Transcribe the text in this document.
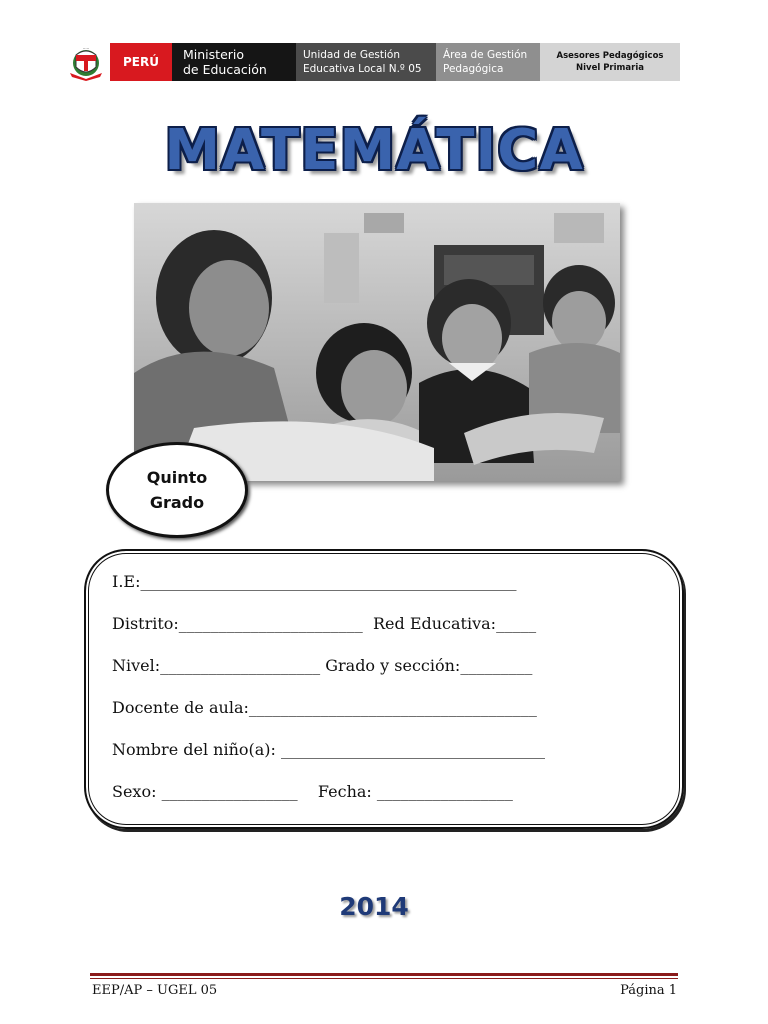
·····
PERÚ Ministerio
de Educación
Unidad de Gestión
Educativa Local N.º 05
Área de Gestión
Pedagógica
Asesores Pedagógicos
Nivel Primaria
MATEMÁTICA
Quinto
Grado
I.E:_______________________________________________
Distrito:_______________________  Red Educativa:_____
Nivel:____________________ Grado y sección:_________
Docente de aula:____________________________________
Nombre del niño(a): _________________________________
Sexo: _________________    Fecha: _________________
2014
EEP/AP – UGEL 05	Página 1
